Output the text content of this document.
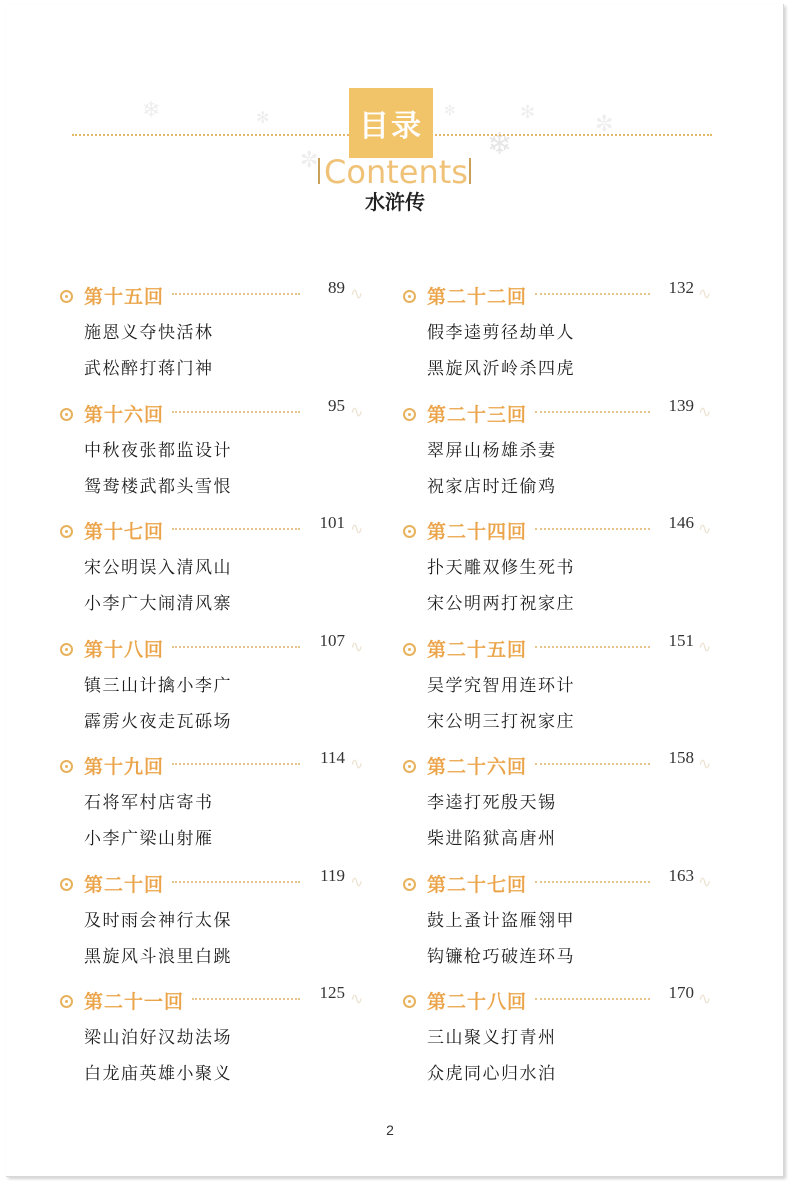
❄	✻
✼	❄
✻	✼
✻
目录
Contents
水浒传
第十五回	89 ∿
施恩义夺快活林
武松醉打蒋门神
第十六回	95 ∿
中秋夜张都监设计
鸳鸯楼武都头雪恨
第十七回	101 ∿
宋公明误入清风山
小李广大闹清风寨
第十八回	107 ∿
镇三山计擒小李广
霹雳火夜走瓦砾场
第十九回	114 ∿
石将军村店寄书
小李广梁山射雁
第二十回	119 ∿
及时雨会神行太保
黑旋风斗浪里白跳
第二十一回	125 ∿
梁山泊好汉劫法场
白龙庙英雄小聚义
第二十二回	132 ∿
假李逵剪径劫单人
黑旋风沂岭杀四虎
第二十三回	139 ∿
翠屏山杨雄杀妻
祝家店时迁偷鸡
第二十四回	146 ∿
扑天雕双修生死书
宋公明两打祝家庄
第二十五回	151 ∿
吴学究智用连环计
宋公明三打祝家庄
第二十六回	158 ∿
李逵打死殷天锡
柴进陷狱高唐州
第二十七回	163 ∿
鼓上蚤计盗雁翎甲
钩镰枪巧破连环马
第二十八回	170 ∿
三山聚义打青州
众虎同心归水泊
2
